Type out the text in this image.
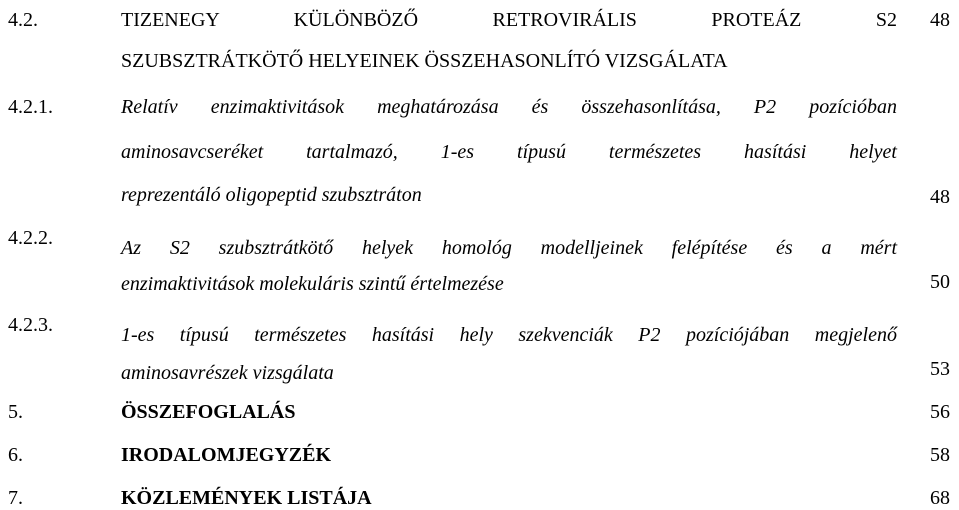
4.2.	TIZENEGY KÜLÖNBÖZŐ RETROVIRÁLIS PROTEÁZ S2 48
SZUBSZTRÁTKÖTŐ HELYEINEK ÖSSZEHASONLÍTÓ VIZSGÁLATA
4.2.1.	Relatív enzimaktivitások meghatározása és összehasonlítása, P2 pozícióban
aminosavcseréket tartalmazó, 1-es típusú természetes hasítási helyet
reprezentáló oligopeptid szubsztráton	48
4.2.2.	Az S2 szubsztrátkötő helyek homológ modelljeinek felépítése és a mért
enzimaktivitások molekuláris szintű értelmezése	50
4.2.3.	1-es típusú természetes hasítási hely szekvenciák P2 pozíciójában megjelenő
aminosavrészek vizsgálata	53
5.	ÖSSZEFOGLALÁS	56
6.	IRODALOMJEGYZÉK	58
7.	KÖZLEMÉNYEK LISTÁJA	68
